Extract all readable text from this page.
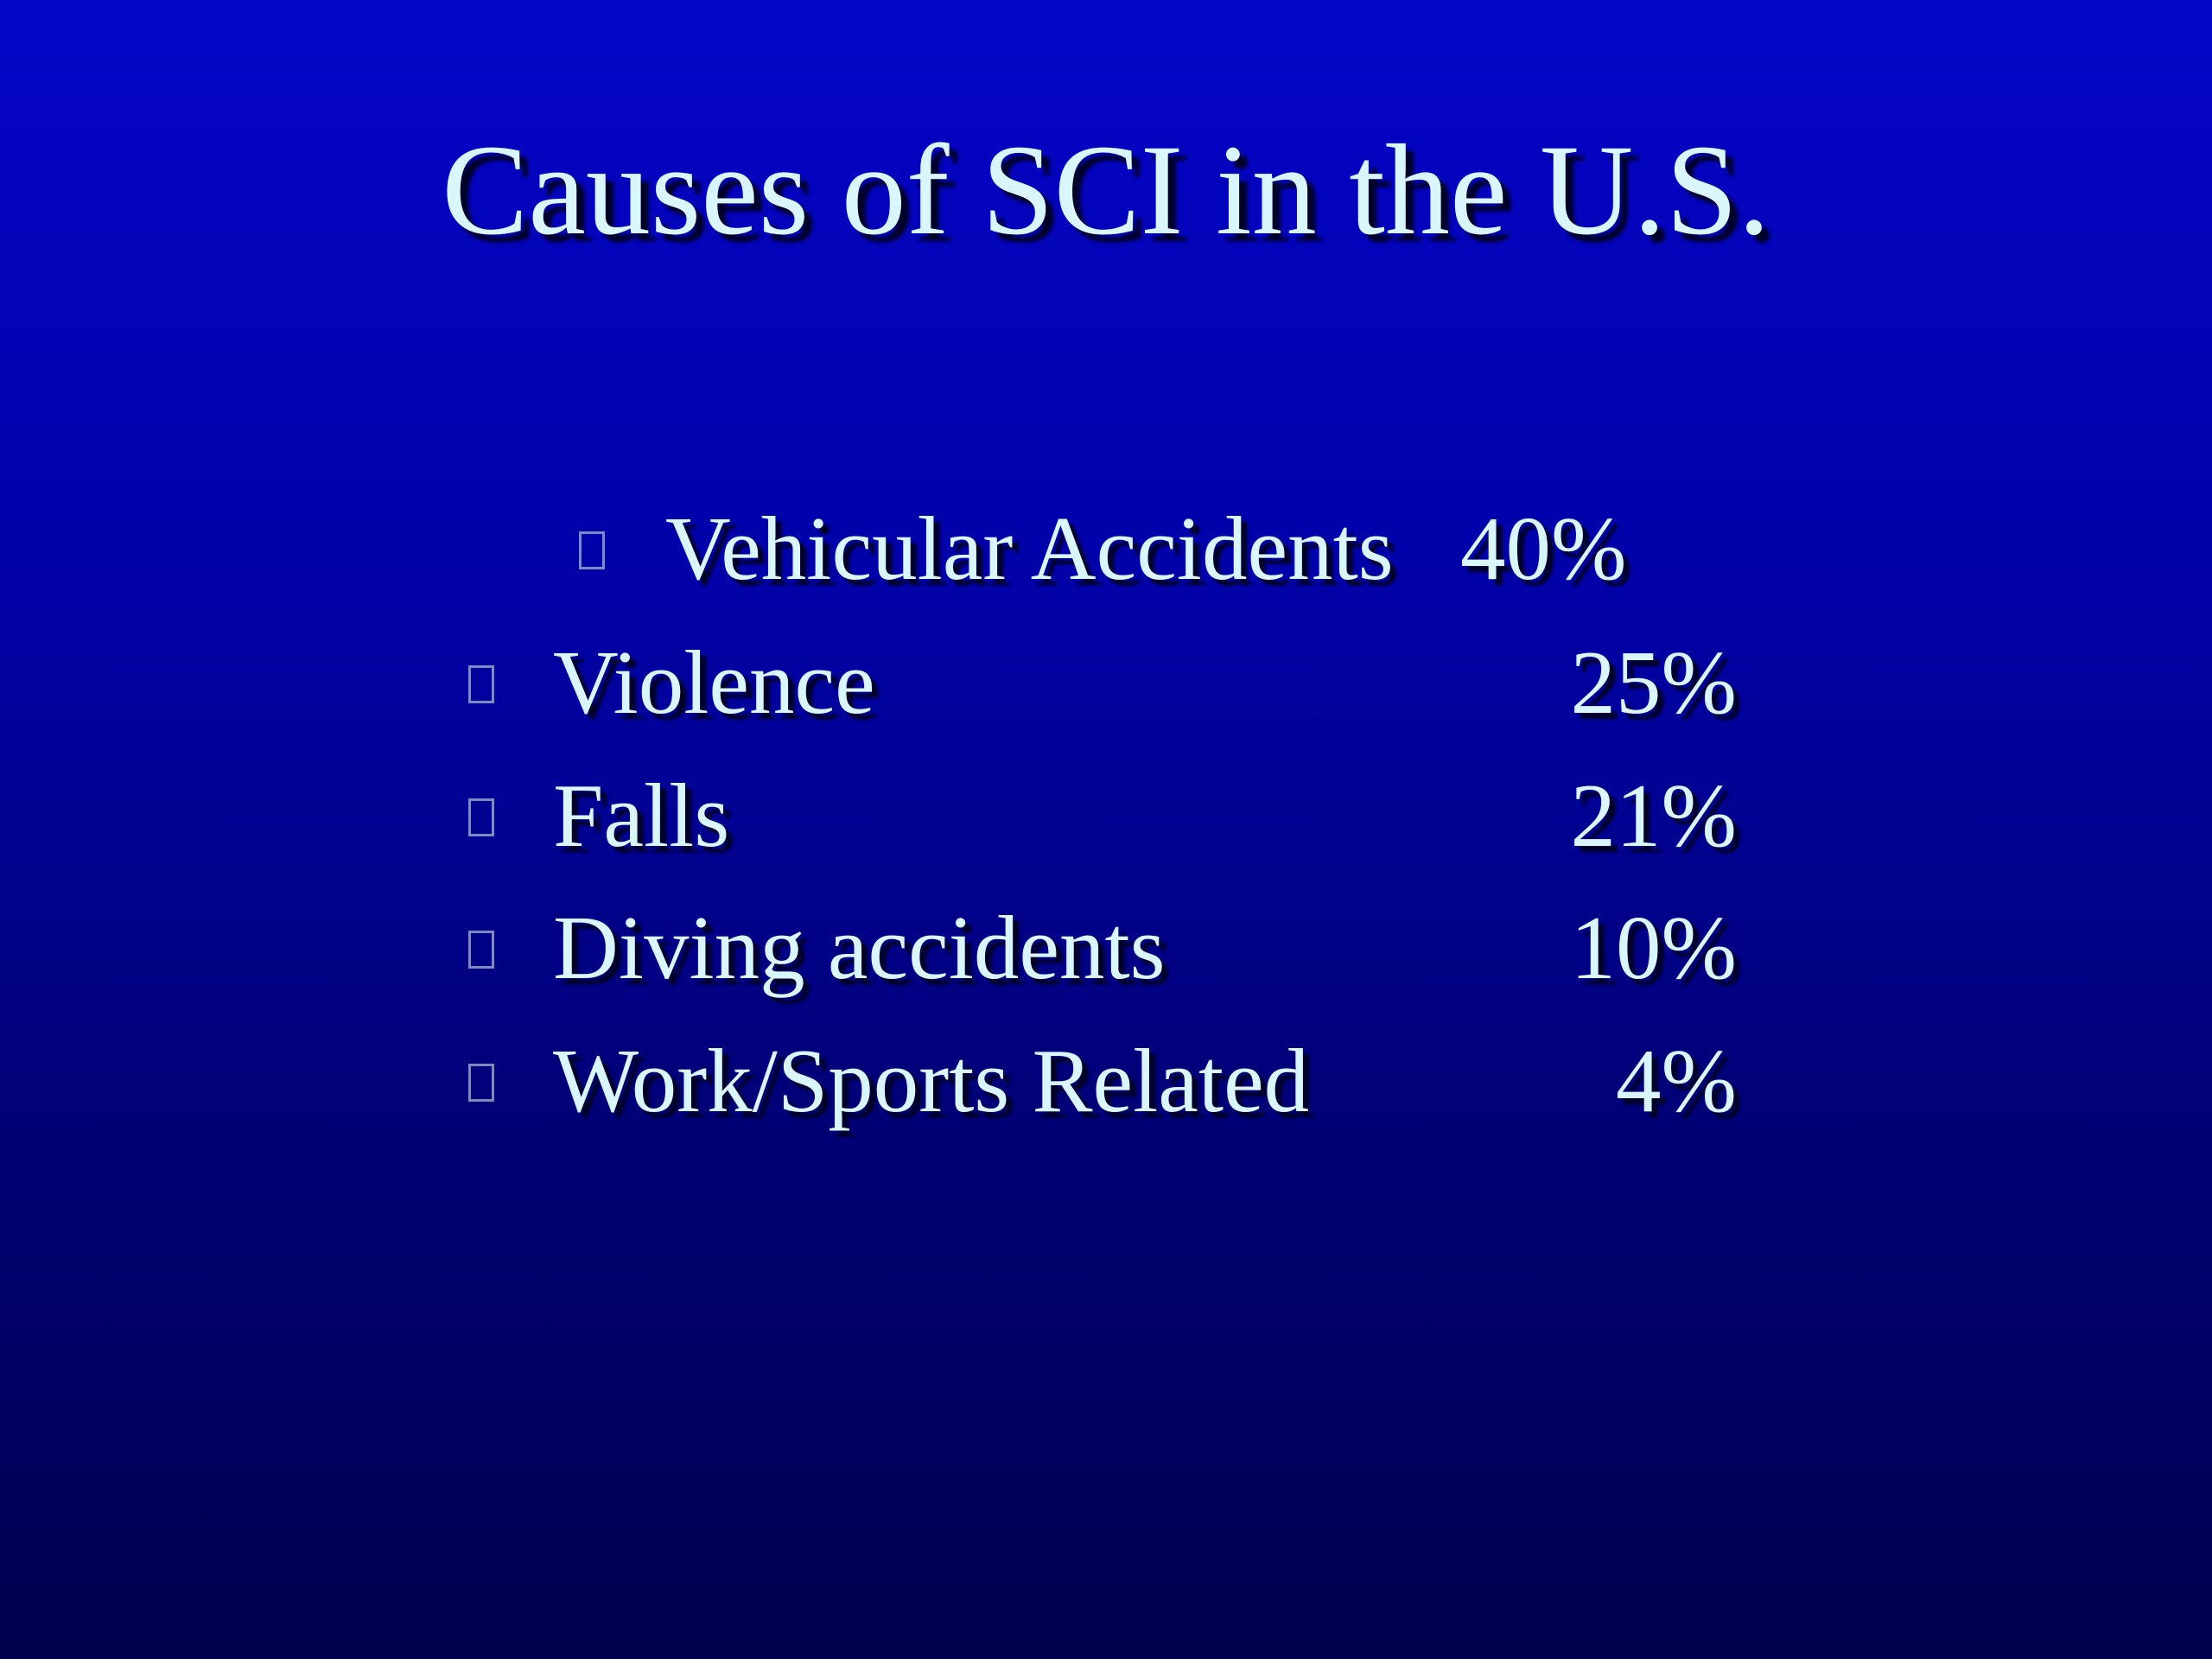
Causes of SCI in the U.S.
Vehicular Accidents 40%
Violence	25%
Falls	21%
Diving accidents	10%
Work/Sports Related	4%
